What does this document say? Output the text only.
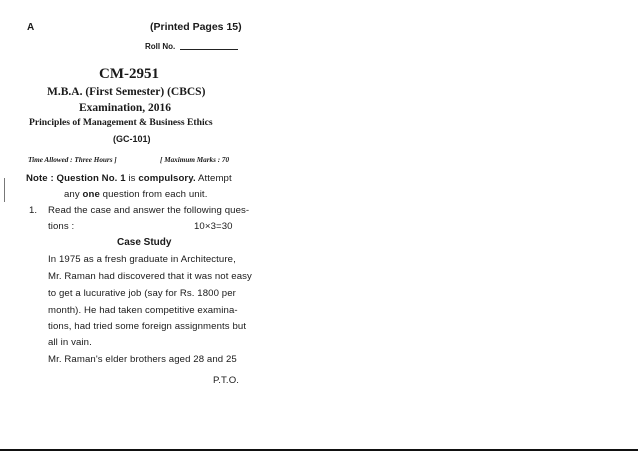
A	(Printed Pages 15)
Roll No.
CM-2951
M.B.A. (First Semester) (CBCS)
Examination, 2016
Principles of Management & Business Ethics
(GC-101)
Time Allowed : Three Hours ]	[ Maximum Marks : 70
Note : Question No. 1 is compulsory. Attempt
any one question from each unit.
1. Read the case and answer the following ques-
tions :	10×3=30
Case Study
In 1975 as a fresh graduate in Architecture,
Mr. Raman had discovered that it was not easy
to get a lucurative job (say for Rs. 1800 per
month). He had taken competitive examina-
tions, had tried some foreign assignments but
all in vain.
Mr. Raman's elder brothers aged 28 and 25
P.T.O.
